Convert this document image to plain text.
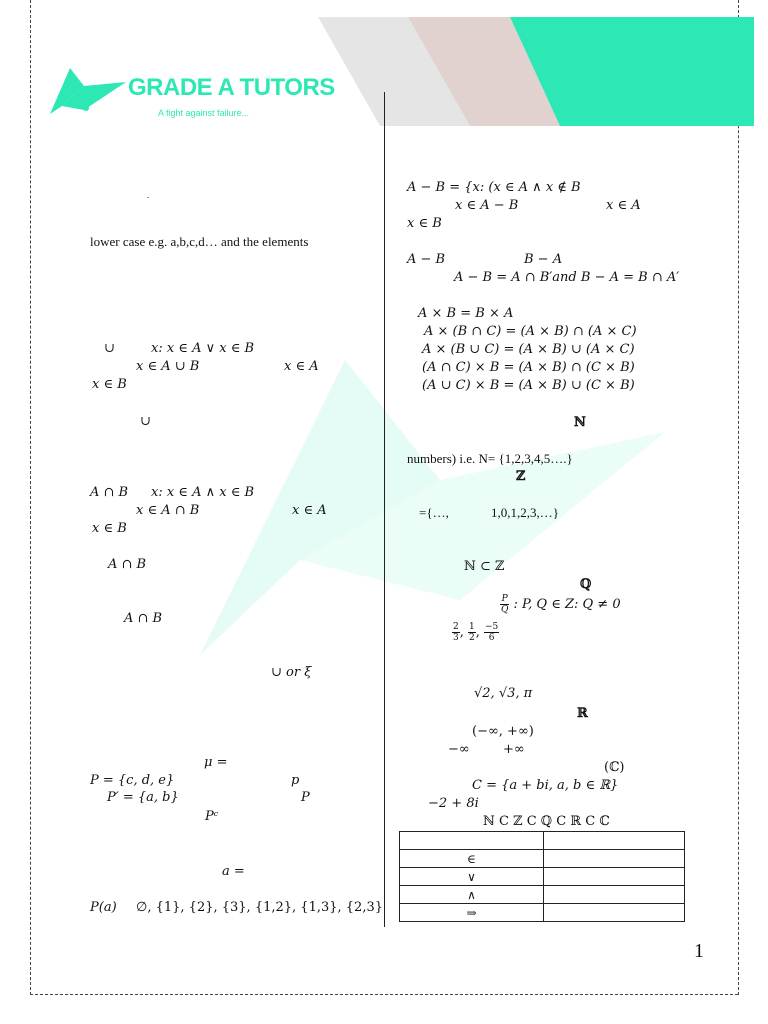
GRADE A TUTORS
A fight against failure...
.
lower case e.g. a,b,c,d… and the elements
∪	x: x ∈ A ∨ x ∈ B
x ∈ A ∪ B	x ∈ A
x ∈ B
∪
A ∩ B x: x ∈ A ∧ x ∈ B
x ∈ A ∩ B	x ∈ A
x ∈ B
A ∩ B
A ∩ B
∪ or ξ
μ =
P = {c, d, e}	p
P′ = {a, b}	P
Pᶜ
a =
P(a) ∅, {1}, {2}, {3}, {1,2}, {1,3}, {2,3}
A − B = {x: (x ∈ A ∧ x ∉ B
x ∈ A − B	x ∈ A
x ∈ B
A − B	B − A
A − B = A ∩ B′and B − A = B ∩ A′
A × B = B × A
A × (B ∩ C) = (A × B) ∩ (A × C)
A × (B ∪ C) = (A × B) ∪ (A × C)
(A ∩ C) × B = (A × B) ∩ (C × B)
(A ∪ C) × B = (A × B) ∪ (C × B)
ℕ
numbers) i.e. N= {1,2,3,4,5….}
ℤ
={…,	1,0,1,2,3,…}
ℕ ⊂ ℤ
ℚ
$\frac{P}{Q}$ : P, Q ∈ Z: Q ≠ 0
$\frac{2}{3}$ , $\frac{1}{2}$ , $\frac{-5}{6}$
√2, √3, π
ℝ
(−∞, +∞)
−∞	+∞
(ℂ)
C = {a + bi, a, b ∈ ℝ}
−2 + 8i
ℕ C ℤ C ℚ C ℝ C ℂ

∈	
∨	
∧	
⇒	
1
